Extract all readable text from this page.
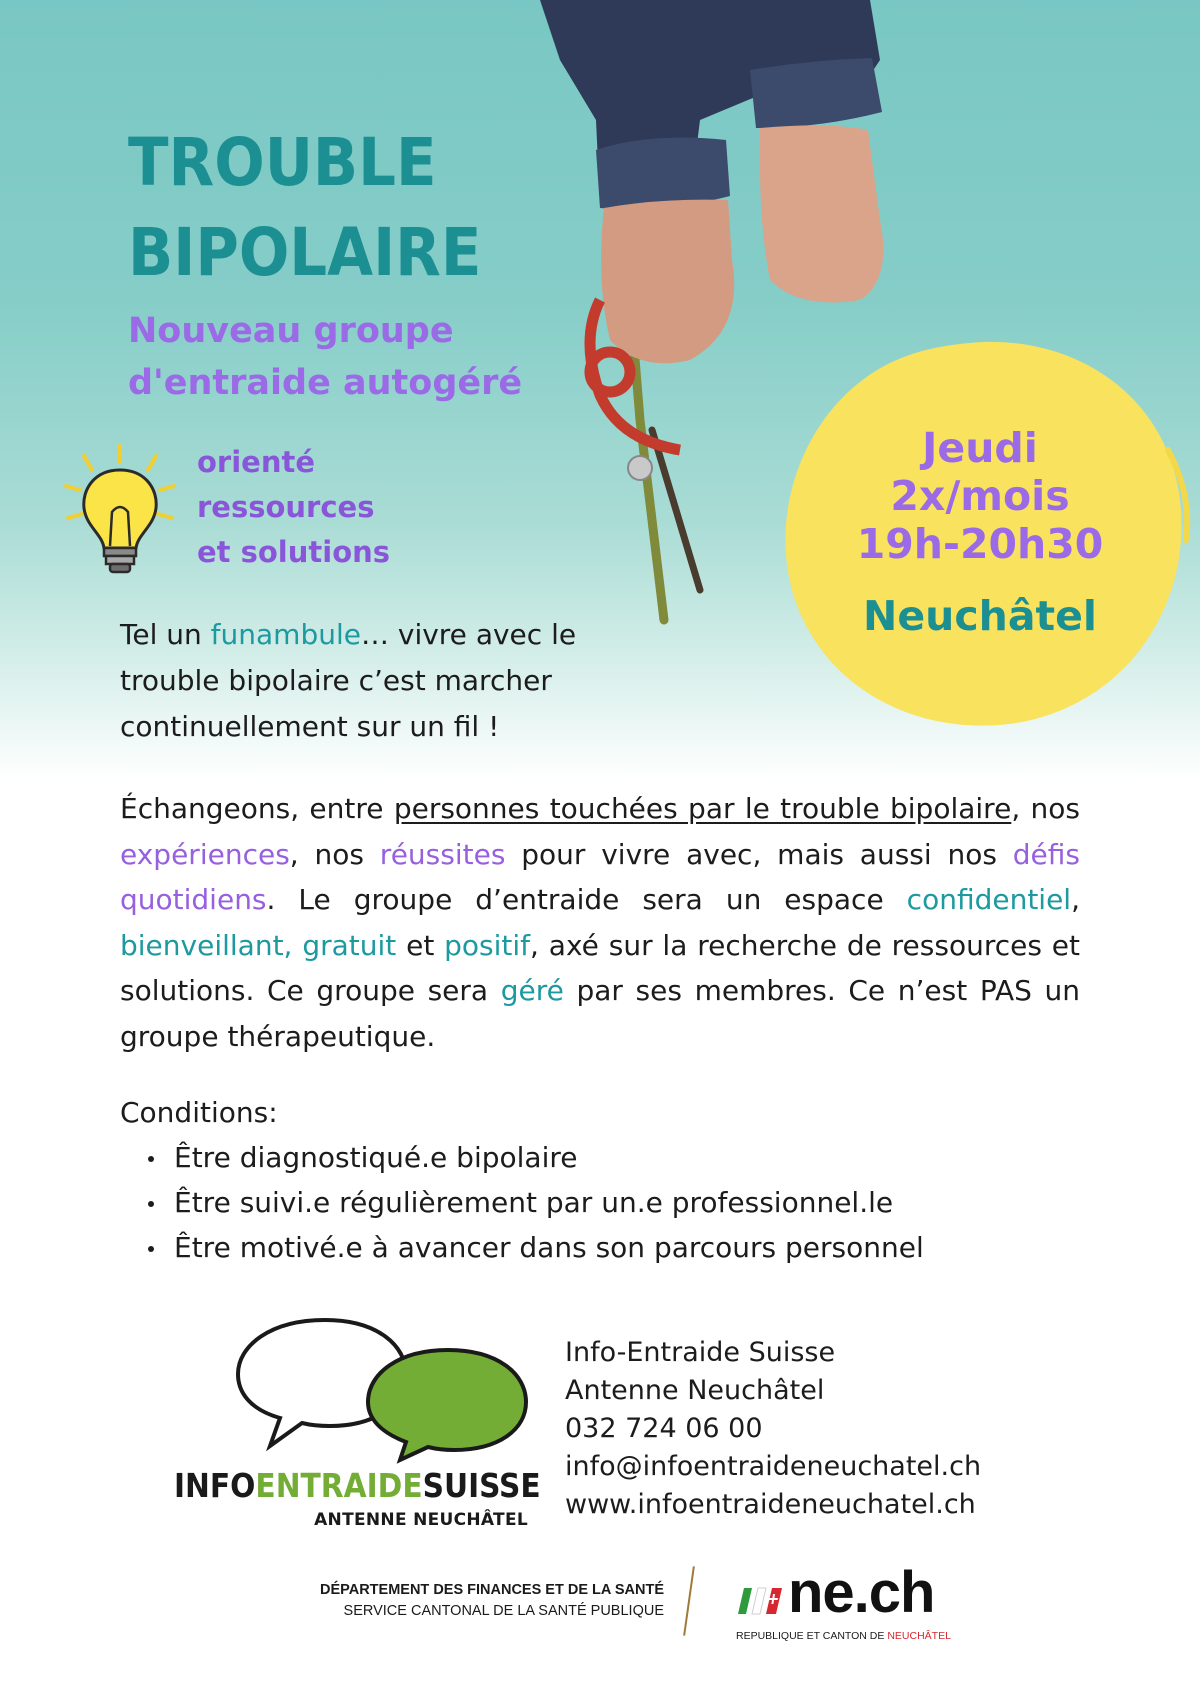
Jeudi
2x/mois
19h-20h30
Neuchâtel
TROUBLE
BIPOLAIRE
Nouveau groupe
d'entraide autogéré
orienté
ressources
et solutions

Tel un funambule… vivre avec le trouble bipolaire c’est marcher continuellement sur un fil !

Échangeons, entre personnes touchées par le trouble bipolaire, nos expériences, nos réussites pour vivre avec, mais aussi nos défis quotidiens. Le groupe d’entraide sera un espace confidentiel, bienveillant, gratuit et positif, axé sur la recherche de ressources et solutions. Ce groupe sera géré par ses membres. Ce n’est PAS un groupe thérapeutique.

Conditions:
Être diagnostiqué.e bipolaire
Être suivi.e régulièrement par un.e professionnel.le
Être motivé.e à avancer dans son parcours personnel
INFOENTRAIDESUISSE
ANTENNE NEUCHÂTEL
Info-Entraide Suisse
Antenne Neuchâtel
032 724 06 00
info@infoentraideneuchatel.ch
www.infoentraideneuchatel.ch
DÉPARTEMENT DES FINANCES ET DE LA SANTÉ
SERVICE CANTONAL DE LA SANTÉ PUBLIQUE ne.ch
REPUBLIQUE ET CANTON DE NEUCHÂTEL
